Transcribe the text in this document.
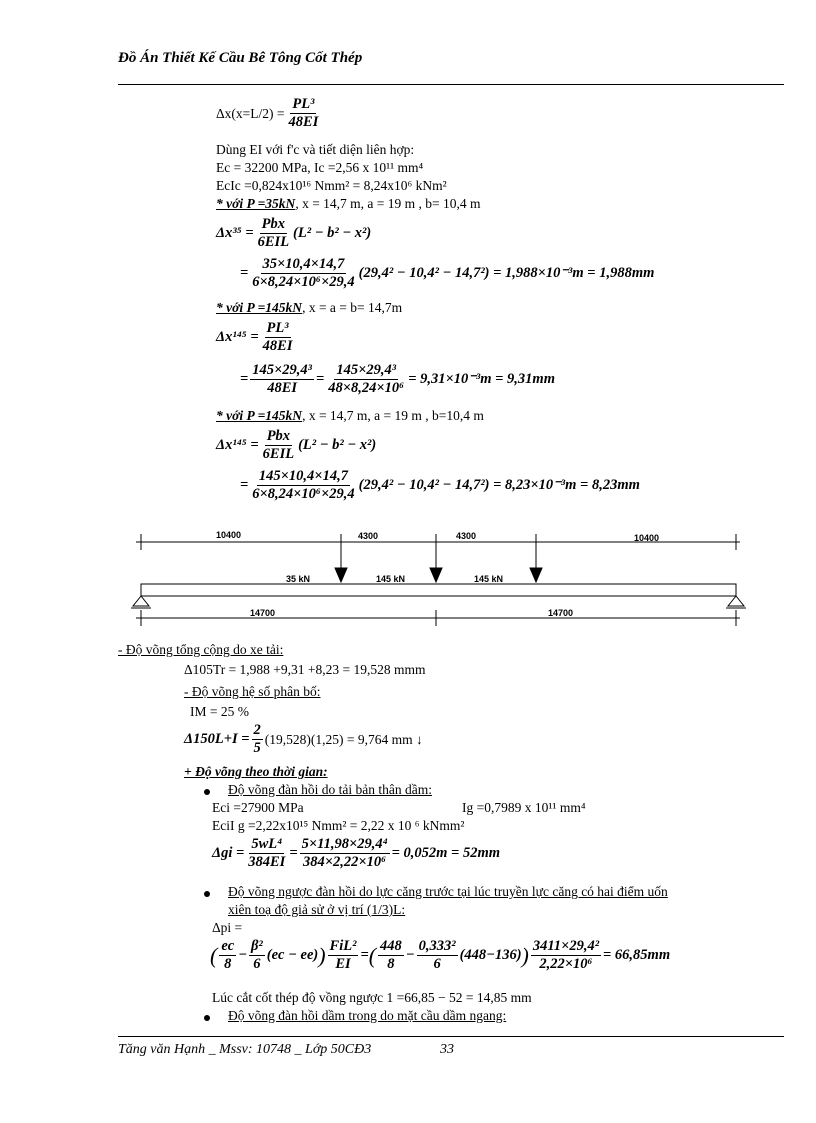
Đồ Án Thiết Kế Cầu Bê Tông Cốt Thép
$\Delta x(x=L/2) = \frac{\text{PL³}}{48EI}$
Dùng EI với f'c và tiết diện liên hợp:
Ec = 32200 MPa, Ic =2,56 x 10¹¹ mm⁴
EcIc =0,824x10¹⁶ Nmm² = 8,24x10⁶ kNm²
* với P =35kN, x = 14,7 m, a = 19 m , b= 10,4 m
$\Delta x^{35} = \frac{\text{Pbx}}{\text{6EIL}} (L^2 - b^2 - x^2)$
= $\frac{35\times 10,4\times 14,7}{\text{6×8,24×10⁶×29,4}} (29,4^2 - 10,4^2 - 14,7^2) = 1,988\times 10^{-3}m = 1,988mm$
* với P =145kN, x = a = b= 14,7m
$\Delta x^{145} = \frac{\text{PL³}}{48EI}$
= $\frac{\text{145×29,4³}}{48EI} = \frac{\text{145×29,4³}}{\text{48×8,24×10⁶}} = 9,31\times 10^{-3}m = 9,31mm$
* với P =145kN, x = 14,7 m, a = 19 m , b=10,4 m
$\Delta x^{145} = \frac{\text{Pbx}}{\text{6EIL}} (L^2 - b^2 - x^2)$
= $\frac{145\times 10,4\times 14,7}{\text{6×8,24×10⁶×29,4}} (29,4^2 - 10,4^2 - 14,7^2) = 8,23\times 10^{-3}m = 8,23mm$
10400	4300	4300	10400
35 kN	145 kN	145 kN
14700	14700
- Độ võng tổng cộng do xe tải:
Δ105Tr = 1,988 +9,31 +8,23 = 19,528 mmm
- Độ võng hệ số phân bố:
IM = 25 %
$\Delta 150L+I = \frac{2}{5} (19,528)(1,25) = 9,764$ mm ↓
+ Độ võng theo thời gian:
Độ võng đàn hồi do tải bản thân dầm:
Eci =27900 MPa	Ig =0,7989 x 10¹¹ mm⁴
EciI g =2,22x10¹⁵ Nmm² = 2,22 x 10 ⁶ kNmm²
$\Delta gi = \frac{\text{5wL⁴}}{384EI} = \frac{\text{5×11,98×29,4⁴}}{\text{384×2,22×10⁶}} = 0,052m = 52mm$
Độ võng ngược đàn hồi do lực căng trước tại lúc truyền lực căng có hai điểm uốn
xiên toạ độ giả sử ở vị trí (1/3)L:
Δpi =
( $\frac{ec}{8} - \frac{\text{β²}}{6} (ec - ee)$ ) $\frac{\text{FiL²}}{EI}$ = ( $\frac{448}{8} - \frac{\text{0,333²}}{6} (448-136)$ ) $\frac{\text{3411×29,4²}}{\text{2,22×10⁶}} = 66,85mm$
Lúc cắt cốt thép độ vồng ngược 1 =66,85 − 52 = 14,85 mm
Độ võng đàn hồi dầm trong do mặt cầu dầm ngang:
Tăng văn Hạnh _ Mssv: 10748 _ Lớp 50CĐ3	33
